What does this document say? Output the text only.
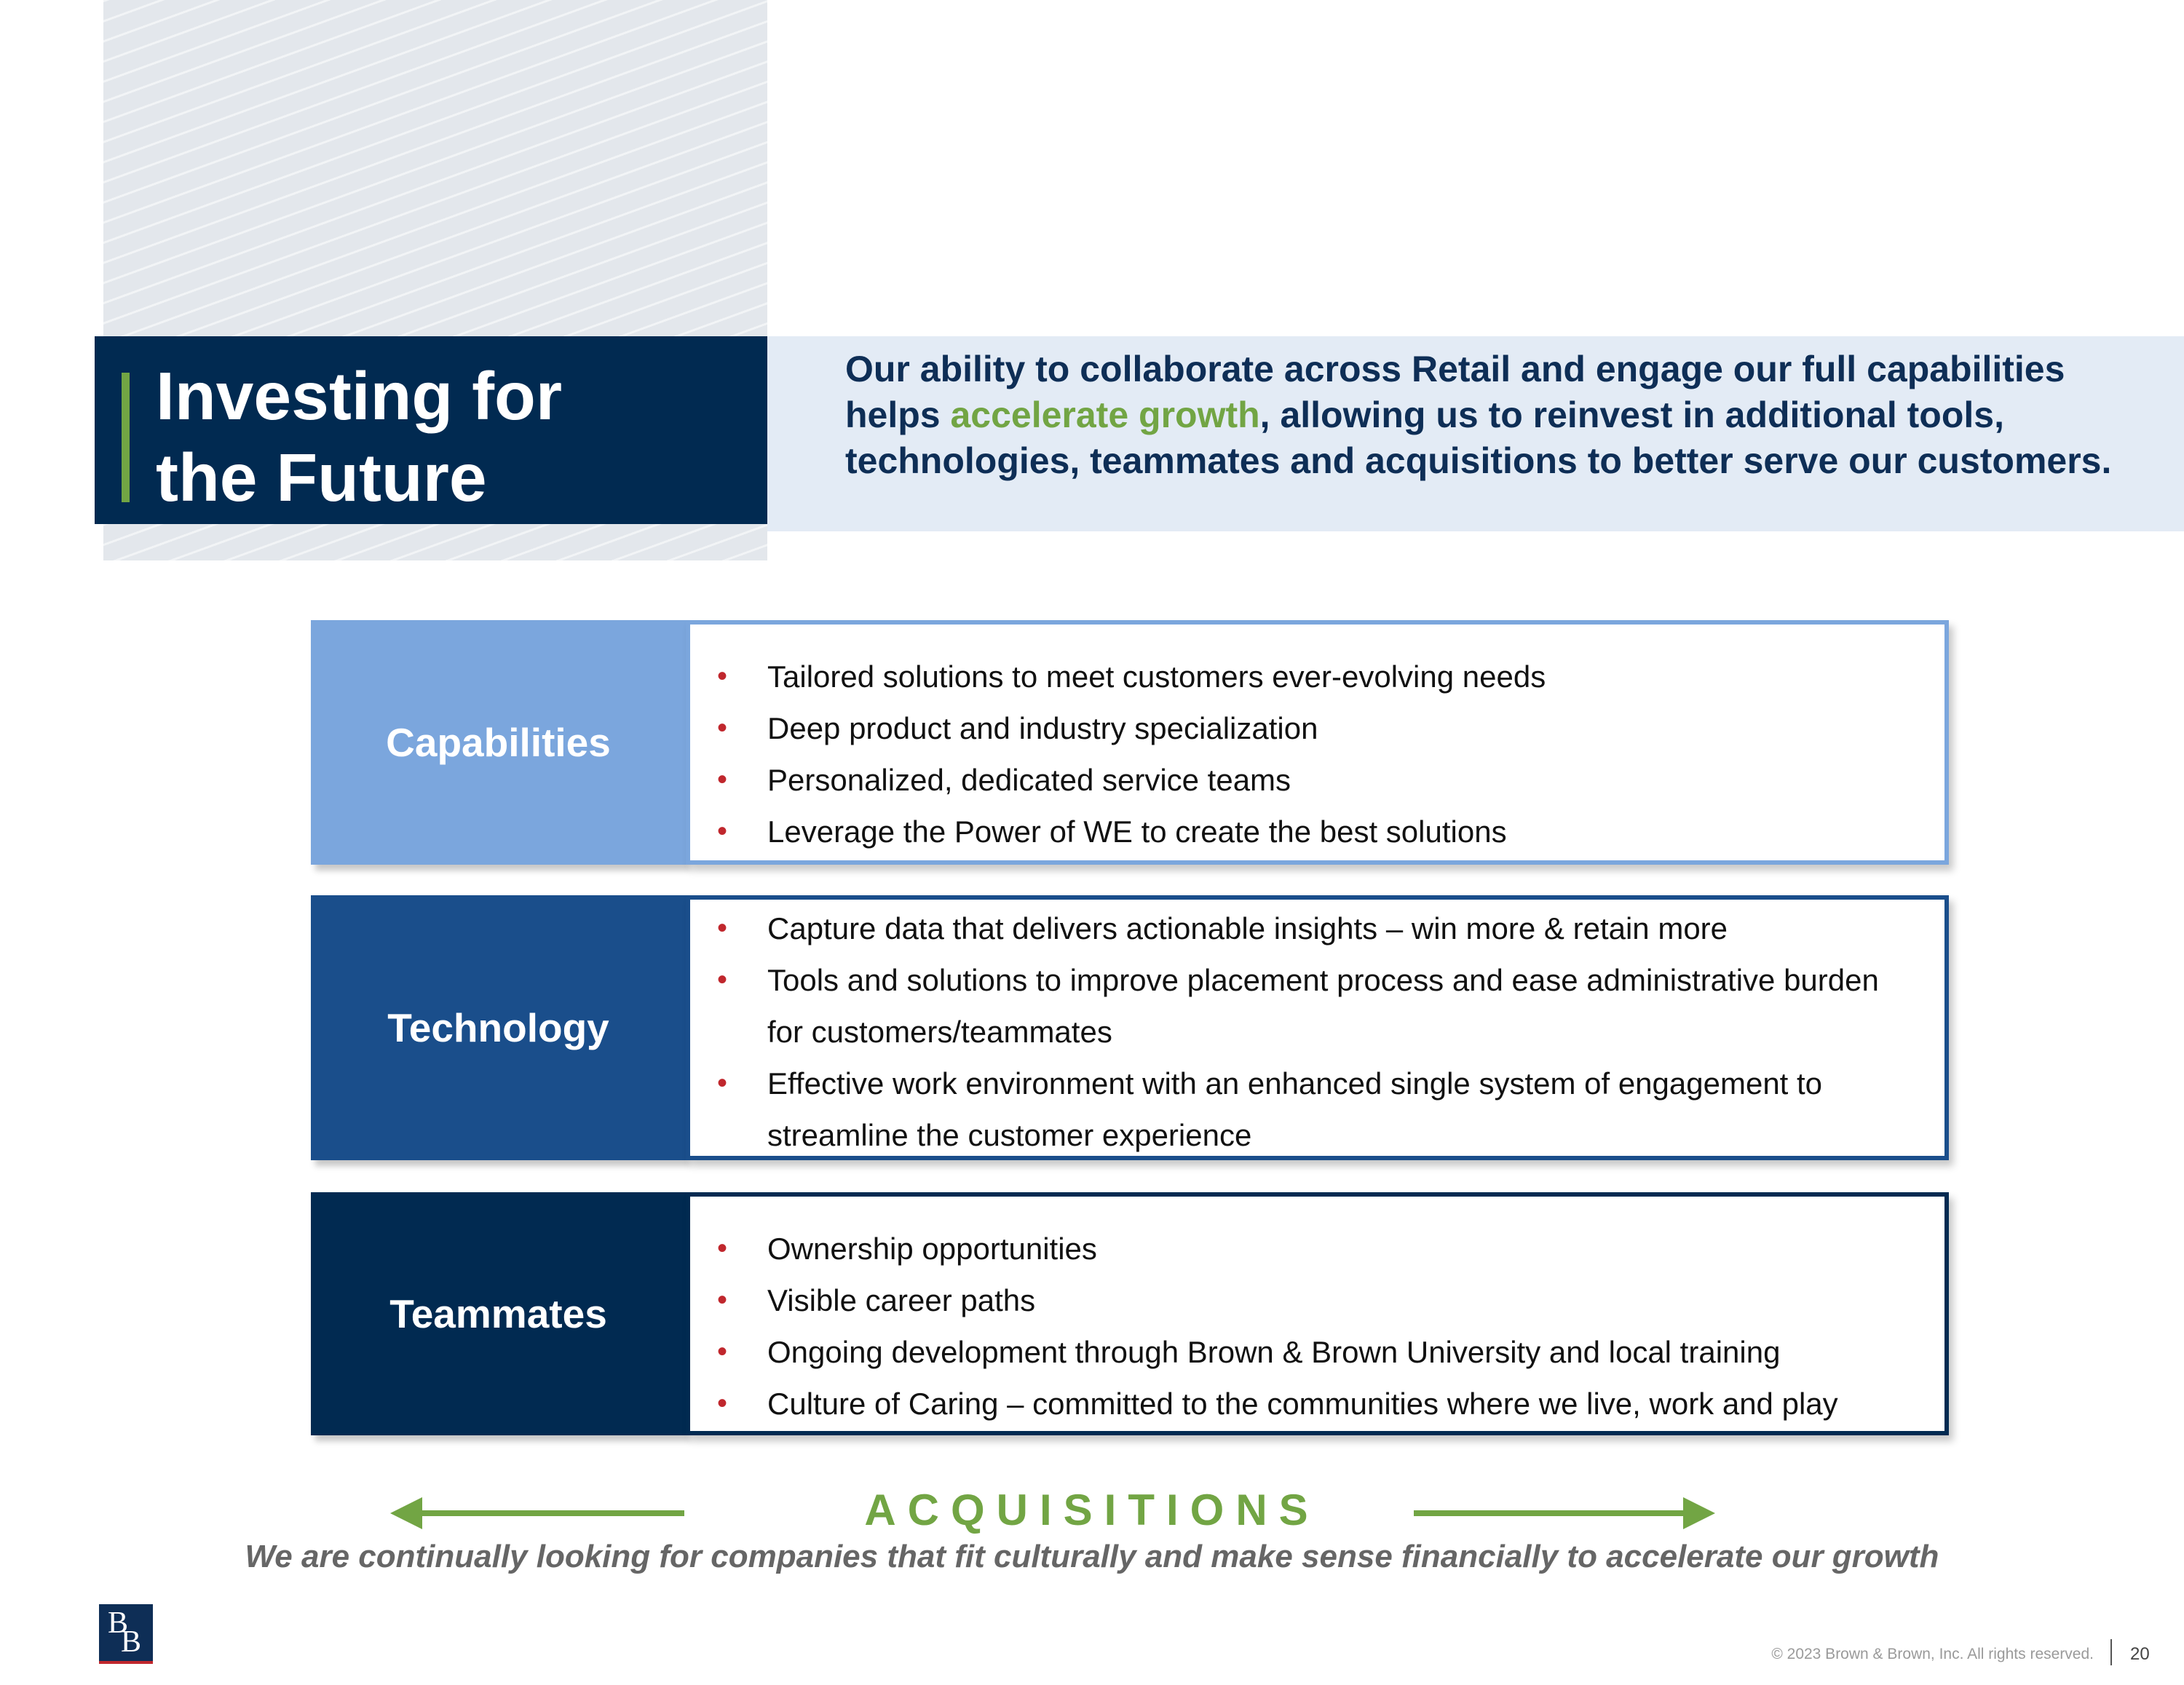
Investing for
the Future
Our ability to collaborate across Retail and engage our full capabilities helps accelerate growth, allowing us to reinvest in additional tools, technologies, teammates and acquisitions to better serve our customers.
Capabilities
• Tailored solutions to meet customers ever-evolving needs
• Deep product and industry specialization
• Personalized, dedicated service teams
• Leverage the Power of WE to create the best solutions
Technology
• Capture data that delivers actionable insights – win more & retain more
• Tools and solutions to improve placement process and ease administrative burden for customers/teammates
• Effective work environment with an enhanced single system of engagement to streamline the customer experience
Teammates
• Ownership opportunities
• Visible career paths
• Ongoing development through Brown & Brown University and local training
• Culture of Caring – committed to the communities where we live, work and play
ACQUISITIONS
We are continually looking for companies that fit culturally and make sense financially to accelerate our growth
B
B	© 2023 Brown & Brown, Inc. All rights reserved. 20
